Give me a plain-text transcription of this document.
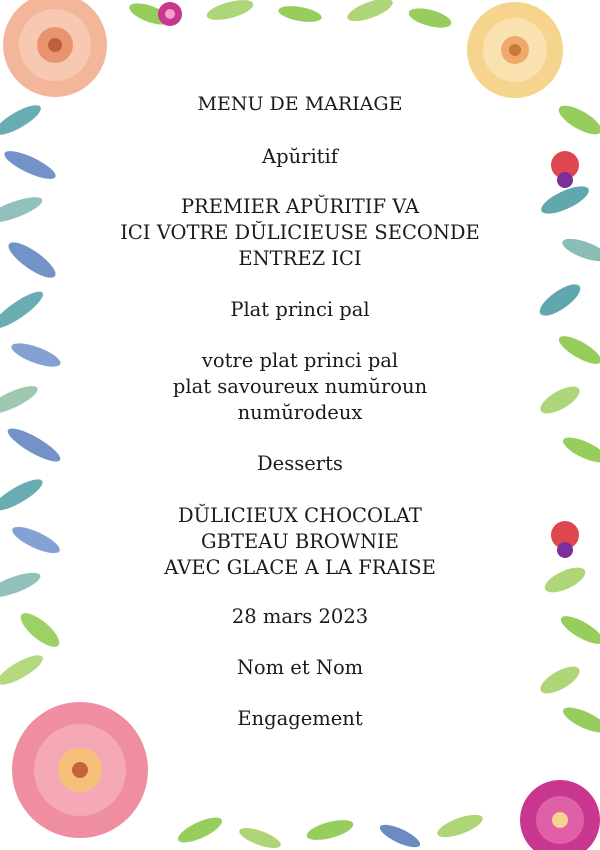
MENU DE MARIAGE
Apŭritif
PREMIER APŬRITIF VA
ICI VOTRE DŬLICIEUSE SECONDE
ENTREZ ICI
Plat princi pal
votre plat princi pal
plat savoureux numŭroun
numŭrodeux
Desserts
DŬLICIEUX CHOCOLAT
GBTEAU BROWNIE
AVEC GLACE A LA FRAISE
28 mars 2023
Nom et Nom
Engagement
